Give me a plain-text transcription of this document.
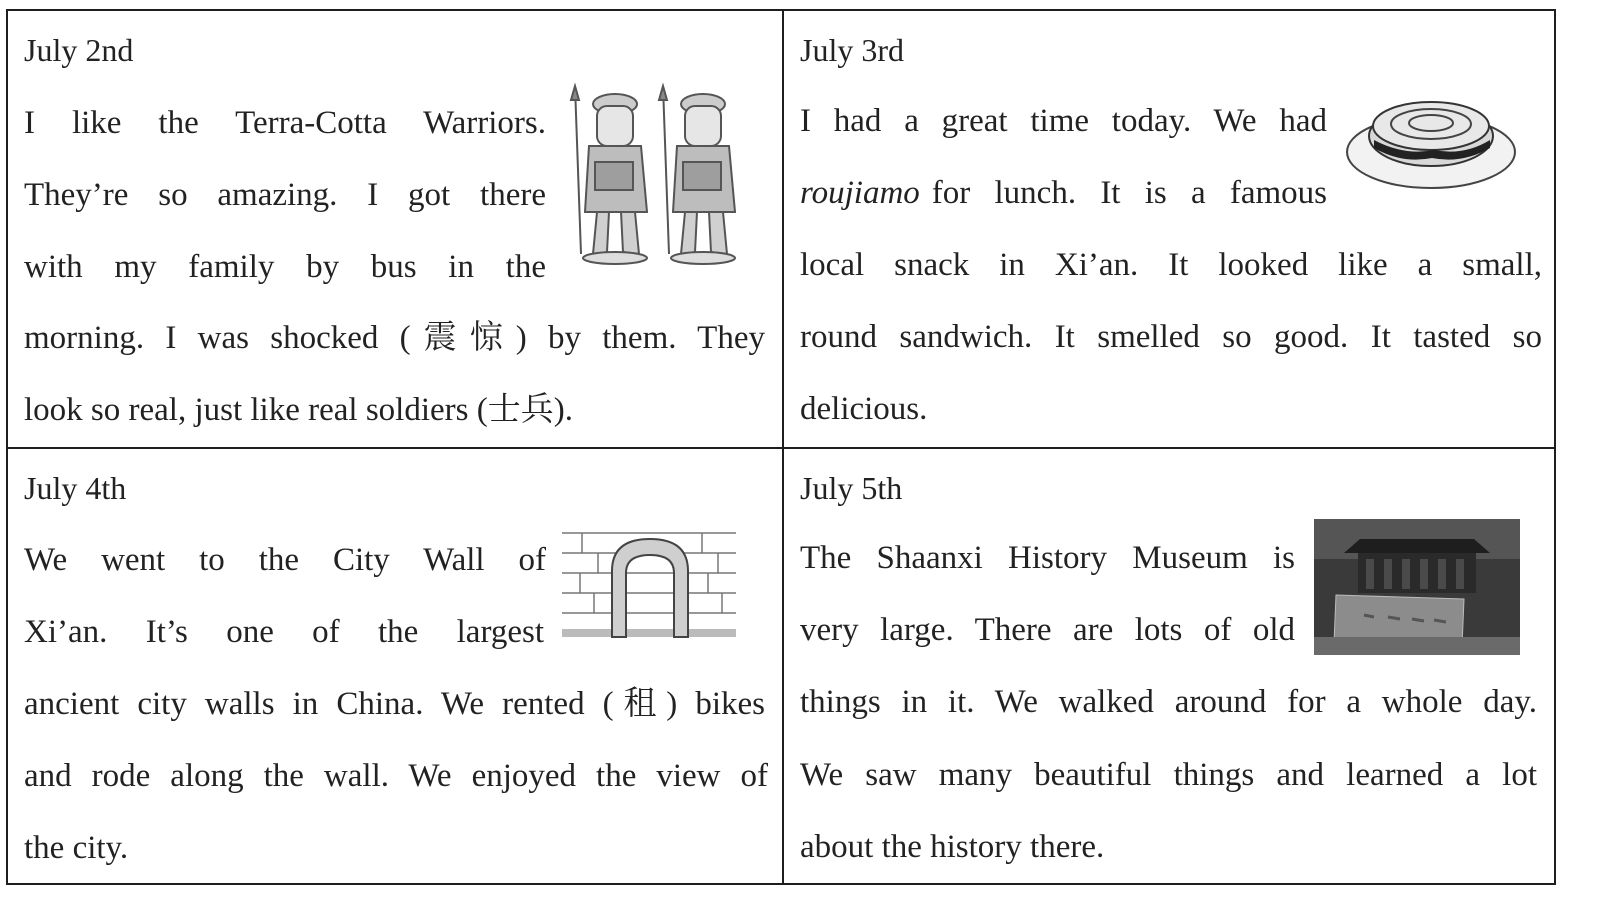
July 2nd
I like the Terra-Cotta Warriors.
They’re so amazing. I got there
with my family by bus in the
morning. I was shocked (震惊) by them. They
look so real, just like real soldiers (士兵).
July 3rd
I had a great time today. We had
roujiamo for lunch. It is a famous
local snack in Xi’an. It looked like a small,
round sandwich. It smelled so good. It tasted so
delicious.
July 4th
We went to the City Wall of
Xi’an. It’s one of the largest
ancient city walls in China. We rented (租) bikes
and rode along the wall. We enjoyed the view of
the city.
July 5th
The Shaanxi History Museum is
very large. There are lots of old
things in it. We walked around for a whole day.
We saw many beautiful things and learned a lot
about the history there.
